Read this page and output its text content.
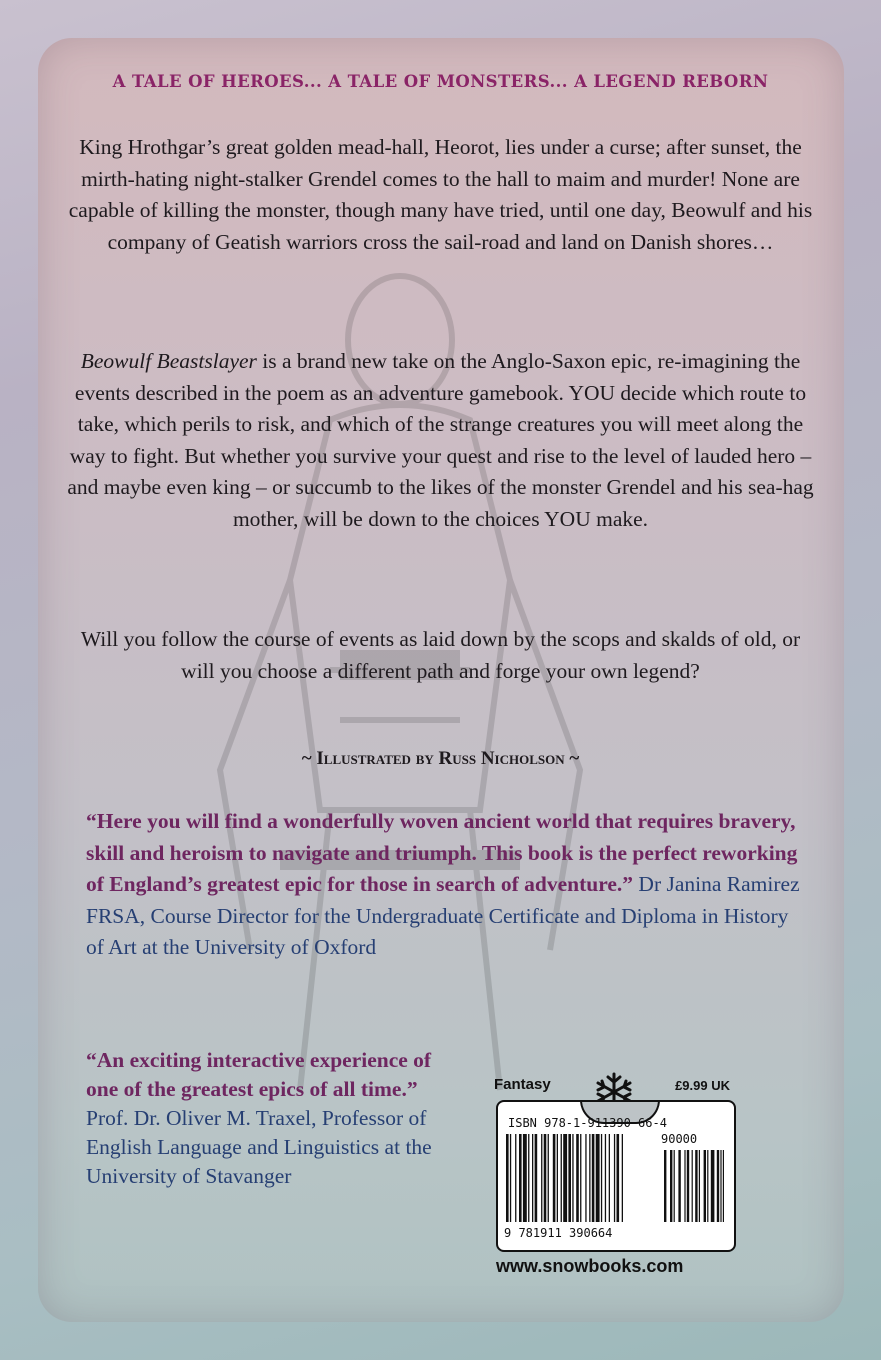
A TALE OF HEROES... A TALE OF MONSTERS... A LEGEND REBORN

King Hrothgar’s great golden mead-hall, Heorot, lies under a curse; after sunset, the mirth-hating night-stalker Grendel comes to the hall to maim and murder! None are capable of killing the monster, though many have tried, until one day, Beowulf and his company of Geatish warriors cross the sail-road and land on Danish shores…

Beowulf Beastslayer is a brand new take on the Anglo-Saxon epic, re-imagining the events described in the poem as an adventure gamebook. YOU decide which route to take, which perils to risk, and which of the strange creatures you will meet along the way to fight. But whether you survive your quest and rise to the level of lauded hero – and maybe even king – or succumb to the likes of the monster Grendel and his sea-hag mother, will be down to the choices YOU make.

Will you follow the course of events as laid down by the scops and skalds of old, or will you choose a different path and forge your own legend?

~ Illustrated by Russ Nicholson ~

“Here you will find a wonderfully woven ancient world that requires bravery, skill and heroism to navigate and triumph. This book is the perfect reworking of England’s greatest epic for those in search of adventure.” Dr Janina Ramirez FRSA, Course Director for the Undergraduate Certificate and Diploma in History of Art at the University of Oxford

“An exciting interactive experience of one of the greatest epics of all time.”
Prof. Dr. Oliver M. Traxel, Professor of English Language and Linguistics at the University of Stavanger

Fantasy	£9.99 UK
ISBN 978-1-911390-66-4
90000
9 781911 390664
www.snowbooks.com
